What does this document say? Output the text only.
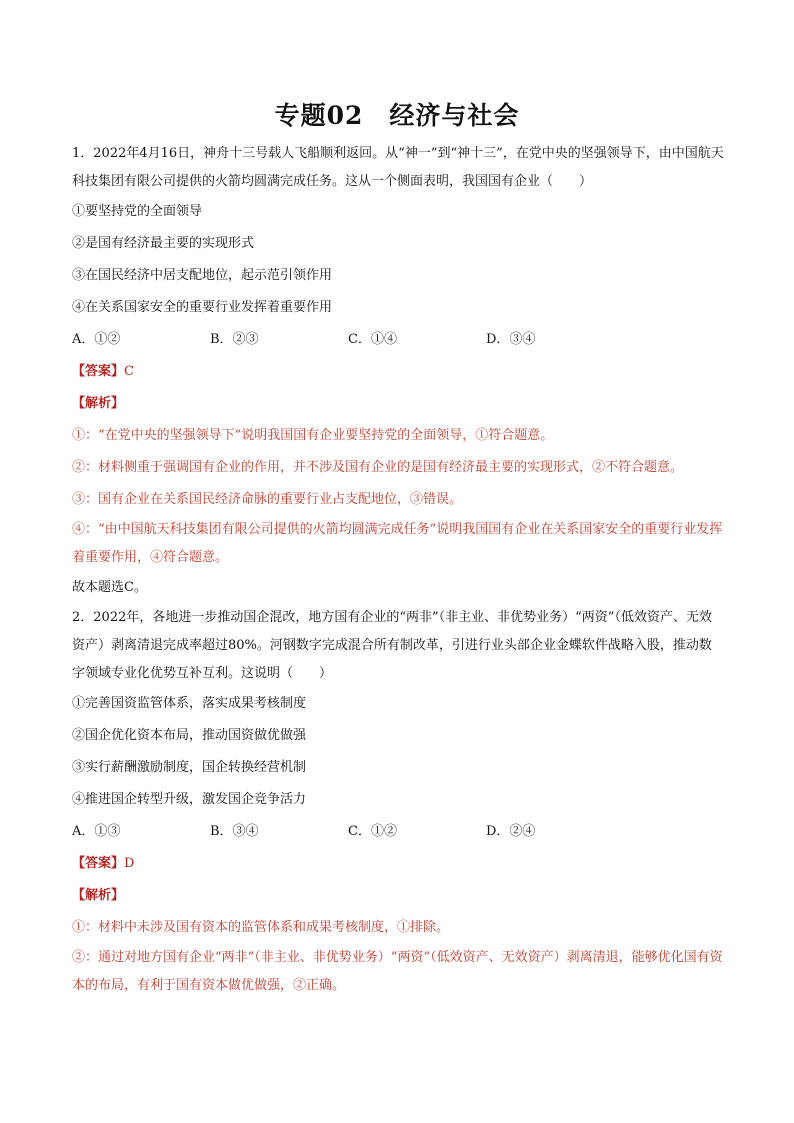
专题02　经济与社会

1．2022年4月16日，神舟十三号载人飞船顺利返回。从“神一”到“神十三”，在党中央的坚强领导下，由中国航天科技集团有限公司提供的火箭均圆满完成任务。这从一个侧面表明，我国国有企业（　　）

①要坚持党的全面领导

②是国有经济最主要的实现形式

③在国民经济中居支配地位，起示范引领作用

④在关系国家安全的重要行业发挥着重要作用

A．①②	B．②③	C．①④	D．③④

【答案】C

【解析】

①：“在党中央的坚强领导下”说明我国国有企业要坚持党的全面领导，①符合题意。

②：材料侧重于强调国有企业的作用，并不涉及国有企业的是国有经济最主要的实现形式，②不符合题意。

③：国有企业在关系国民经济命脉的重要行业占支配地位，③错误。

④：“由中国航天科技集团有限公司提供的火箭均圆满完成任务”说明我国国有企业在关系国家安全的重要行业发挥着重要作用，④符合题意。

故本题选C。

2．2022年，各地进一步推动国企混改，地方国有企业的“两非”（非主业、非优势业务）“两资”（低效资产、无效资产）剥离清退完成率超过80%。河钢数字完成混合所有制改革，引进行业头部企业金蝶软件战略入股，推动数字领域专业化优势互补互利。这说明（　　）

①完善国资监管体系，落实成果考核制度

②国企优化资本布局，推动国资做优做强

③实行薪酬激励制度，国企转换经营机制

④推进国企转型升级，激发国企竞争活力

A．①③	B．③④	C．①②	D．②④

【答案】D

【解析】

①：材料中未涉及国有资本的监管体系和成果考核制度，①排除。

②：通过对地方国有企业“两非”（非主业、非优势业务）“两资”（低效资产、无效资产）剥离清退，能够优化国有资本的布局，有利于国有资本做优做强，②正确。
